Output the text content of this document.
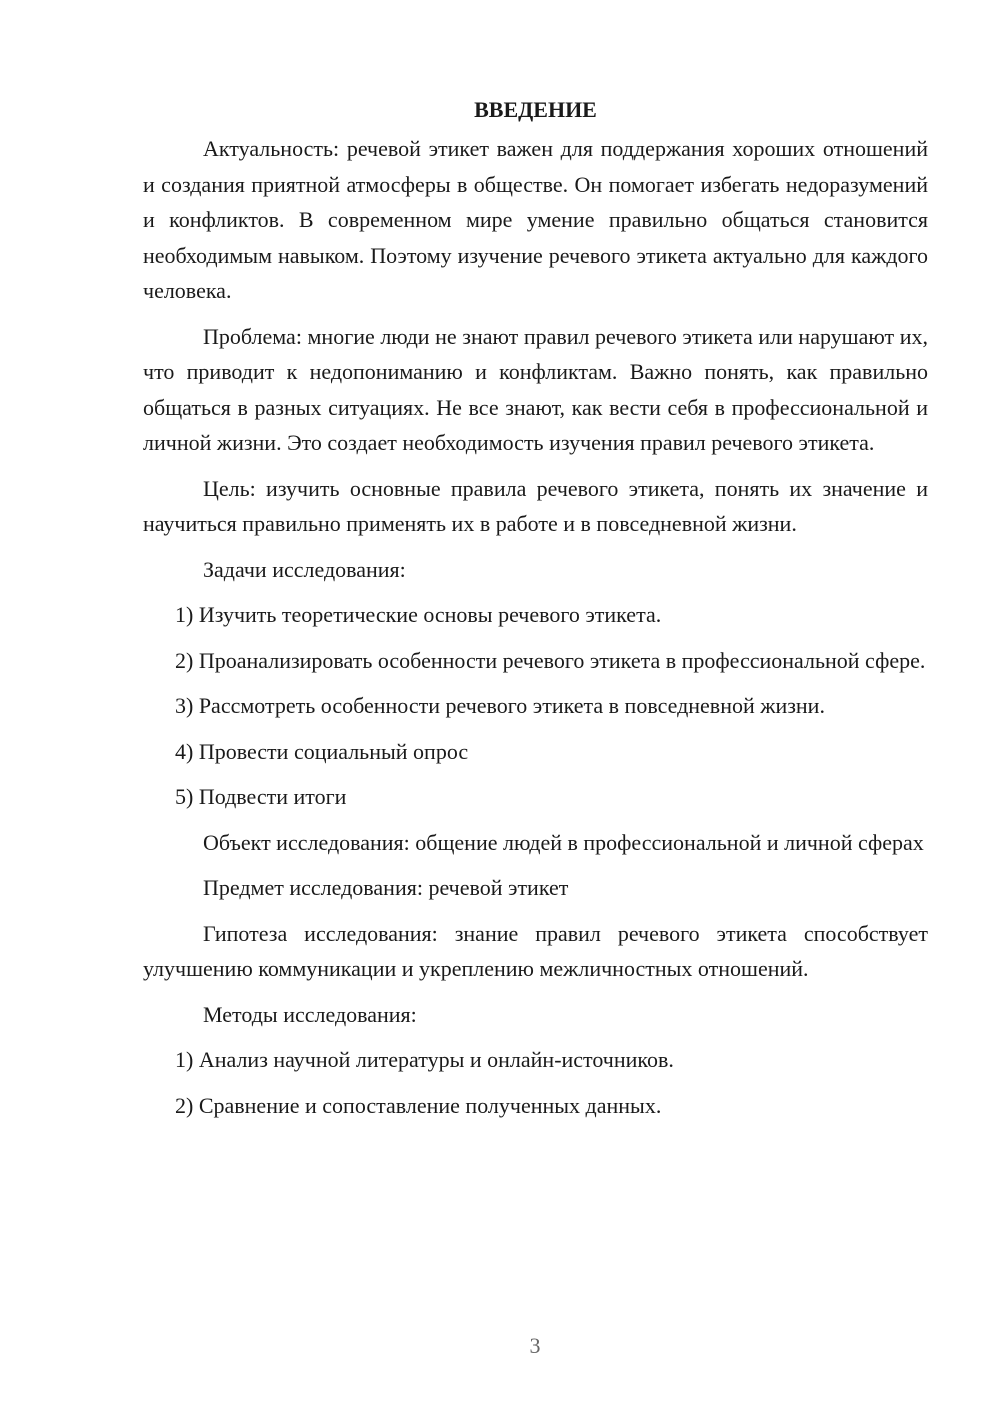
ВВЕДЕНИЕ

Актуальность: речевой этикет важен для поддержания хороших отношений и создания приятной атмосферы в обществе. Он помогает избегать недоразумений и конфликтов. В современном мире умение правильно общаться становится необходимым навыком. Поэтому изучение речевого этикета актуально для каждого человека.

Проблема: многие люди не знают правил речевого этикета или нарушают их, что приводит к недопониманию и конфликтам. Важно понять, как правильно общаться в разных ситуациях. Не все знают, как вести себя в профессиональной и личной жизни. Это создает необходимость изучения правил речевого этикета.

Цель: изучить основные правила речевого этикета, понять их значение и научиться правильно применять их в работе и в повседневной жизни.

Задачи исследования:

1) Изучить теоретические основы речевого этикета.

2) Проанализировать особенности речевого этикета в профессиональной сфере.

3) Рассмотреть особенности речевого этикета в повседневной жизни.

4) Провести социальный опрос

5) Подвести итоги

Объект исследования: общение людей в профессиональной и личной сферах

Предмет исследования: речевой этикет

Гипотеза исследования: знание правил речевого этикета способствует улучшению коммуникации и укреплению межличностных отношений.

Методы исследования:

1) Анализ научной литературы и онлайн-источников.

2) Сравнение и сопоставление полученных данных.

3
